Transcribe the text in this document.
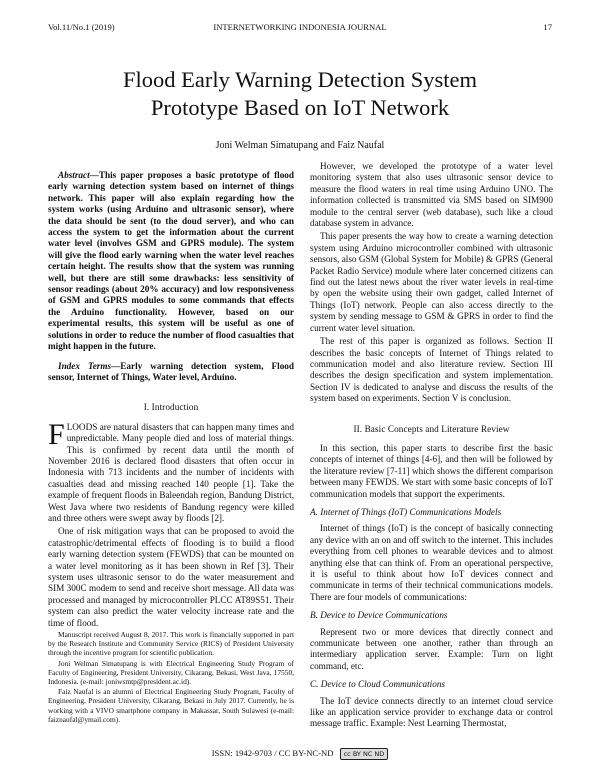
Vol.11/No.1 (2019)	INTERNETWORKING INDONESIA JOURNAL	17
Flood Early Warning Detection System
Prototype Based on IoT Network
Joni Welman Simatupang and Faiz Naufal

Abstract—This paper proposes a basic prototype of flood early warning detection system based on internet of things network. This paper will also explain regarding how the system works (using Arduino and ultrasonic sensor), where the data should be sent (to the doud server), and who can access the system to get the information about the current water level (involves GSM and GPRS module). The system will give the flood early warning when the water level reaches certain height. The results show that the system was running well, but there are still some drawbacks: less sensitivity of sensor readings (about 20% accuracy) and low responsiveness of GSM and GPRS modules to some commands that effects the Arduino functionality. However, based on our experimental results, this system will be useful as one of solutions in order to reduce the number of flood casualties that might happen in the future.

Index Terms—Early warning detection system, Flood sensor, Internet of Things, Water level, Arduino.

I. Introduction

FLOODS are natural disasters that can happen many times and unpredictable. Many people died and loss of material things. This is confirmed by recent data until the month of November 2016 is declared flood disasters that often occur in Indonesia with 713 incidents and the number of incidents with casualties dead and missing reached 140 people [1]. Take the example of frequent floods in Baleendah region, Bandung District, West Java where two residents of Bandung regency were killed and three others were swept away by floods [2].

One of risk mitigation ways that can be proposed to avoid the catastrophic/detrimental effects of flooding is to build a flood early warning detection system (FEWDS) that can be mounted on a water level monitoring as it has been shown in Ref [3]. Their system uses ultrasonic sensor to do the water measurement and SIM 300C modem to send and receive short message. All data was processed and managed by microcontroller PLCC AT89S51. Their system can also predict the water velocity increase rate and the time of flood.

Manuscript received August 8, 2017. This work is financially supported in part by the Research Institute and Community Service (RICS) of President University through the incentive program for scientific publication.

Joni Welman Simatupang is with Electrical Engineering Study Program of Faculty of Engineering, President University, Cikarang, Bekasi, West Java, 17550, Indonesia. (e-mail: joniwsmtp@president.ac.id).

Faiz Naufal is an alumni of Electrical Engineering Study Program, Faculty of Engineering, President University, Cikarang, Bekasi in July 2017. Currently, he is working with a VIVO smartphone company in Makassar, South Sulawesi (e-mail: faiznaufal@ymail.com).

However, we developed the prototype of a water level monitoring system that also uses ultrasonic sensor device to measure the flood waters in real time using Arduino UNO. The information collected is transmitted via SMS based on SIM900 module to the central server (web database), such like a cloud database system in advance.

This paper presents the way how to create a warning detection system using Arduino microcontroller combined with ultrasonic sensors, also GSM (Global System for Mobile) & GPRS (General Packet Radio Service) module where later concerned citizens can find out the latest news about the river water levels in real-time by open the website using their own gadget, called Internet of Things (IoT) network. People can also access directly to the system by sending message to GSM & GPRS in order to find the current water level situation.

The rest of this paper is organized as follows. Section II describes the basic concepts of Internet of Things related to communication model and also literature review. Section III describes the design specification and system implementation. Section IV is dedicated to analyse and discuss the results of the system based on experiments. Section V is conclusion.

II. Basic Concepts and Literature Review

In this section, this paper starts to describe first the basic concepts of internet of things [4-6], and then will be followed by the literature review [7-11] which shows the different comparison between many FEWDS. We start with some basic concepts of IoT communication models that support the experiments.

A. Internet of Things (IoT) Communications Models

Internet of things (IoT) is the concept of basically connecting any device with an on and off switch to the internet. This includes everything from cell phones to wearable devices and to almost anything else that can think of. From an operational perspective, it is useful to think about how IoT devices connect and communicate in terms of their technical communications models. There are four models of communications:

B. Device to Device Communications

Represent two or more devices that directly connect and communicate between one another, rather than through an intermediary application server. Example: Turn on light command, etc.

C. Device to Cloud Communications

The IoT device connects directly to an internet cloud service like an application service provider to exchange data or control message traffic. Example: Nest Learning Thermostat,

ISSN: 1942-9703 / CC BY-NC-ND cc BY NC ND
